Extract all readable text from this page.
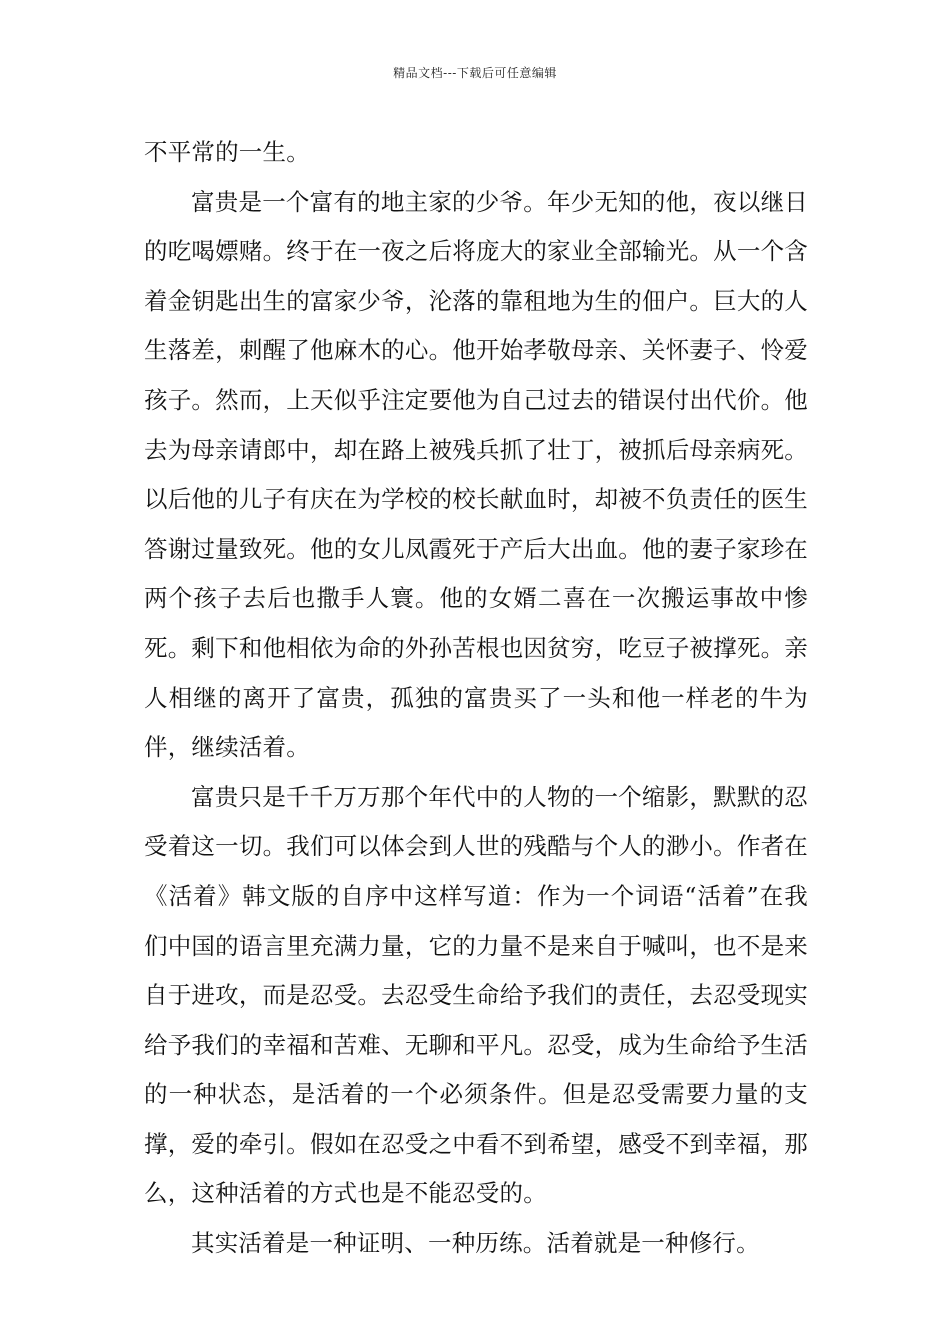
精品文档---下载后可任意编辑

不平常的一生。

富贵是一个富有的地主家的少爷。年少无知的他，夜以继日的吃喝嫖赌。终于在一夜之后将庞大的家业全部输光。从一个含着金钥匙出生的富家少爷，沦落的靠租地为生的佃户。巨大的人生落差，刺醒了他麻木的心。他开始孝敬母亲、关怀妻子、怜爱孩子。然而，上天似乎注定要他为自己过去的错误付出代价。他去为母亲请郎中，却在路上被残兵抓了壮丁，被抓后母亲病死。以后他的儿子有庆在为学校的校长献血时，却被不负责任的医生答谢过量致死。他的女儿凤霞死于产后大出血。他的妻子家珍在两个孩子去后也撒手人寰。他的女婿二喜在一次搬运事故中惨死。剩下和他相依为命的外孙苦根也因贫穷，吃豆子被撑死。亲人相继的离开了富贵，孤独的富贵买了一头和他一样老的牛为伴，继续活着。

富贵只是千千万万那个年代中的人物的一个缩影，默默的忍受着这一切。我们可以体会到人世的残酷与个人的渺小。作者在《活着》韩文版的自序中这样写道：作为一个词语“活着”在我们中国的语言里充满力量，它的力量不是来自于喊叫，也不是来自于进攻，而是忍受。去忍受生命给予我们的责任，去忍受现实给予我们的幸福和苦难、无聊和平凡。忍受，成为生命给予生活的一种状态，是活着的一个必须条件。但是忍受需要力量的支撑，爱的牵引。假如在忍受之中看不到希望，感受不到幸福，那么，这种活着的方式也是不能忍受的。

其实活着是一种证明、一种历练。活着就是一种修行。
